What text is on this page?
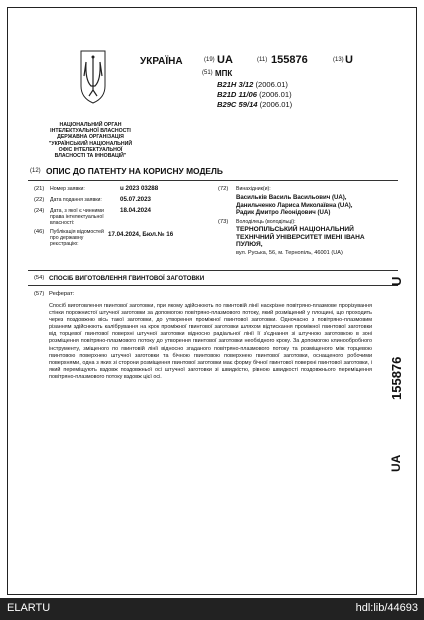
УКРАЇНА	(19) UA	(11) 155876	(13) U
(51) МПК
B21H 3/12 (2006.01)
B21D 11/06 (2006.01)
B29C 59/14 (2006.01)
НАЦІОНАЛЬНИЙ ОРГАН
ІНТЕЛЕКТУАЛЬНОЇ ВЛАСНОСТІ
ДЕРЖАВНА ОРГАНІЗАЦІЯ
"УКРАЇНСЬКИЙ НАЦІОНАЛЬНИЙ
ОФІС ІНТЕЛЕКТУАЛЬНОЇ
ВЛАСНОСТІ ТА ІННОВАЦІЙ"
(12) ОПИС ДО ПАТЕНТУ НА КОРИСНУ МОДЕЛЬ
(21) Номер заявки:	u 2023 03288
(22) Дата подання заявки:	05.07.2023
(24) Дата, з якої є чинними права інтелектуальної власності:
18.04.2024
(46) Публікація відомостей про державну реєстрацію:
17.04.2024, Бюл.№ 16
(72) Винахідник(и):
Васильків Василь Васильович (UA),
Данильченко Лариса Миколаївна (UA),
Радик Дмитро Леонідович (UA)
(73) Володілець (володільці):
ТЕРНОПІЛЬСЬКИЙ НАЦІОНАЛЬНИЙ
ТЕХНІЧНИЙ УНІВЕРСИТЕТ ІМЕНІ ІВАНА
ПУЛЮЯ,
вул. Руська, 56, м. Тернопіль, 46001 (UA)
(54) СПОСІБ ВИГОТОВЛЕННЯ ГВИНТОВОЇ ЗАГОТОВКИ
(57) Реферат:

Спосіб виготовлення гвинтової заготовки, при якому здійснюють по гвинтовій лінії наскрізне повітряно-плазмове прорізування стінки порожнистої штучної заготовки за допомогою повітряно-плазмового потоку, який розміщений у площині, що проходить через поздовжню вісь такої заготовки, до утворення проміжної гвинтової заготовки. Одночасно з повітряно-плазмовим різанням здійснюють калібрування на крок проміжної гвинтової заготовки шляхом відтискання проміжної гвинтової заготовки від торцевої гвинтової поверхні штучної заготовки відносно радіальної лінії її з'єднання зі штучною заготовкою в зоні розміщення повітряно-плазмового потоку до утворення гвинтової заготовки необхідного кроку. За допомогою клинообробного інструменту, зміщеного по гвинтовій лінії відносно згаданого повітряно-плазмового потоку та розміщеного між торцевою гвинтовою поверхнею штучної заготовки та бічною гвинтовою поверхнею гвинтової заготовки, оснащеного робочими поверхнями, одна з яких зі сторони розміщення гвинтової заготовки має форму бічної гвинтової поверхні гвинтової заготовки, і який переміщують вздовж поздовжньої осі штучної заготовки зі швидкістю, рівною швидкості поздовжнього переміщення повітряно-плазмового потоку вздовж цієї осі.

UA
155876
U
ELARTU	hdl:lib/44693
